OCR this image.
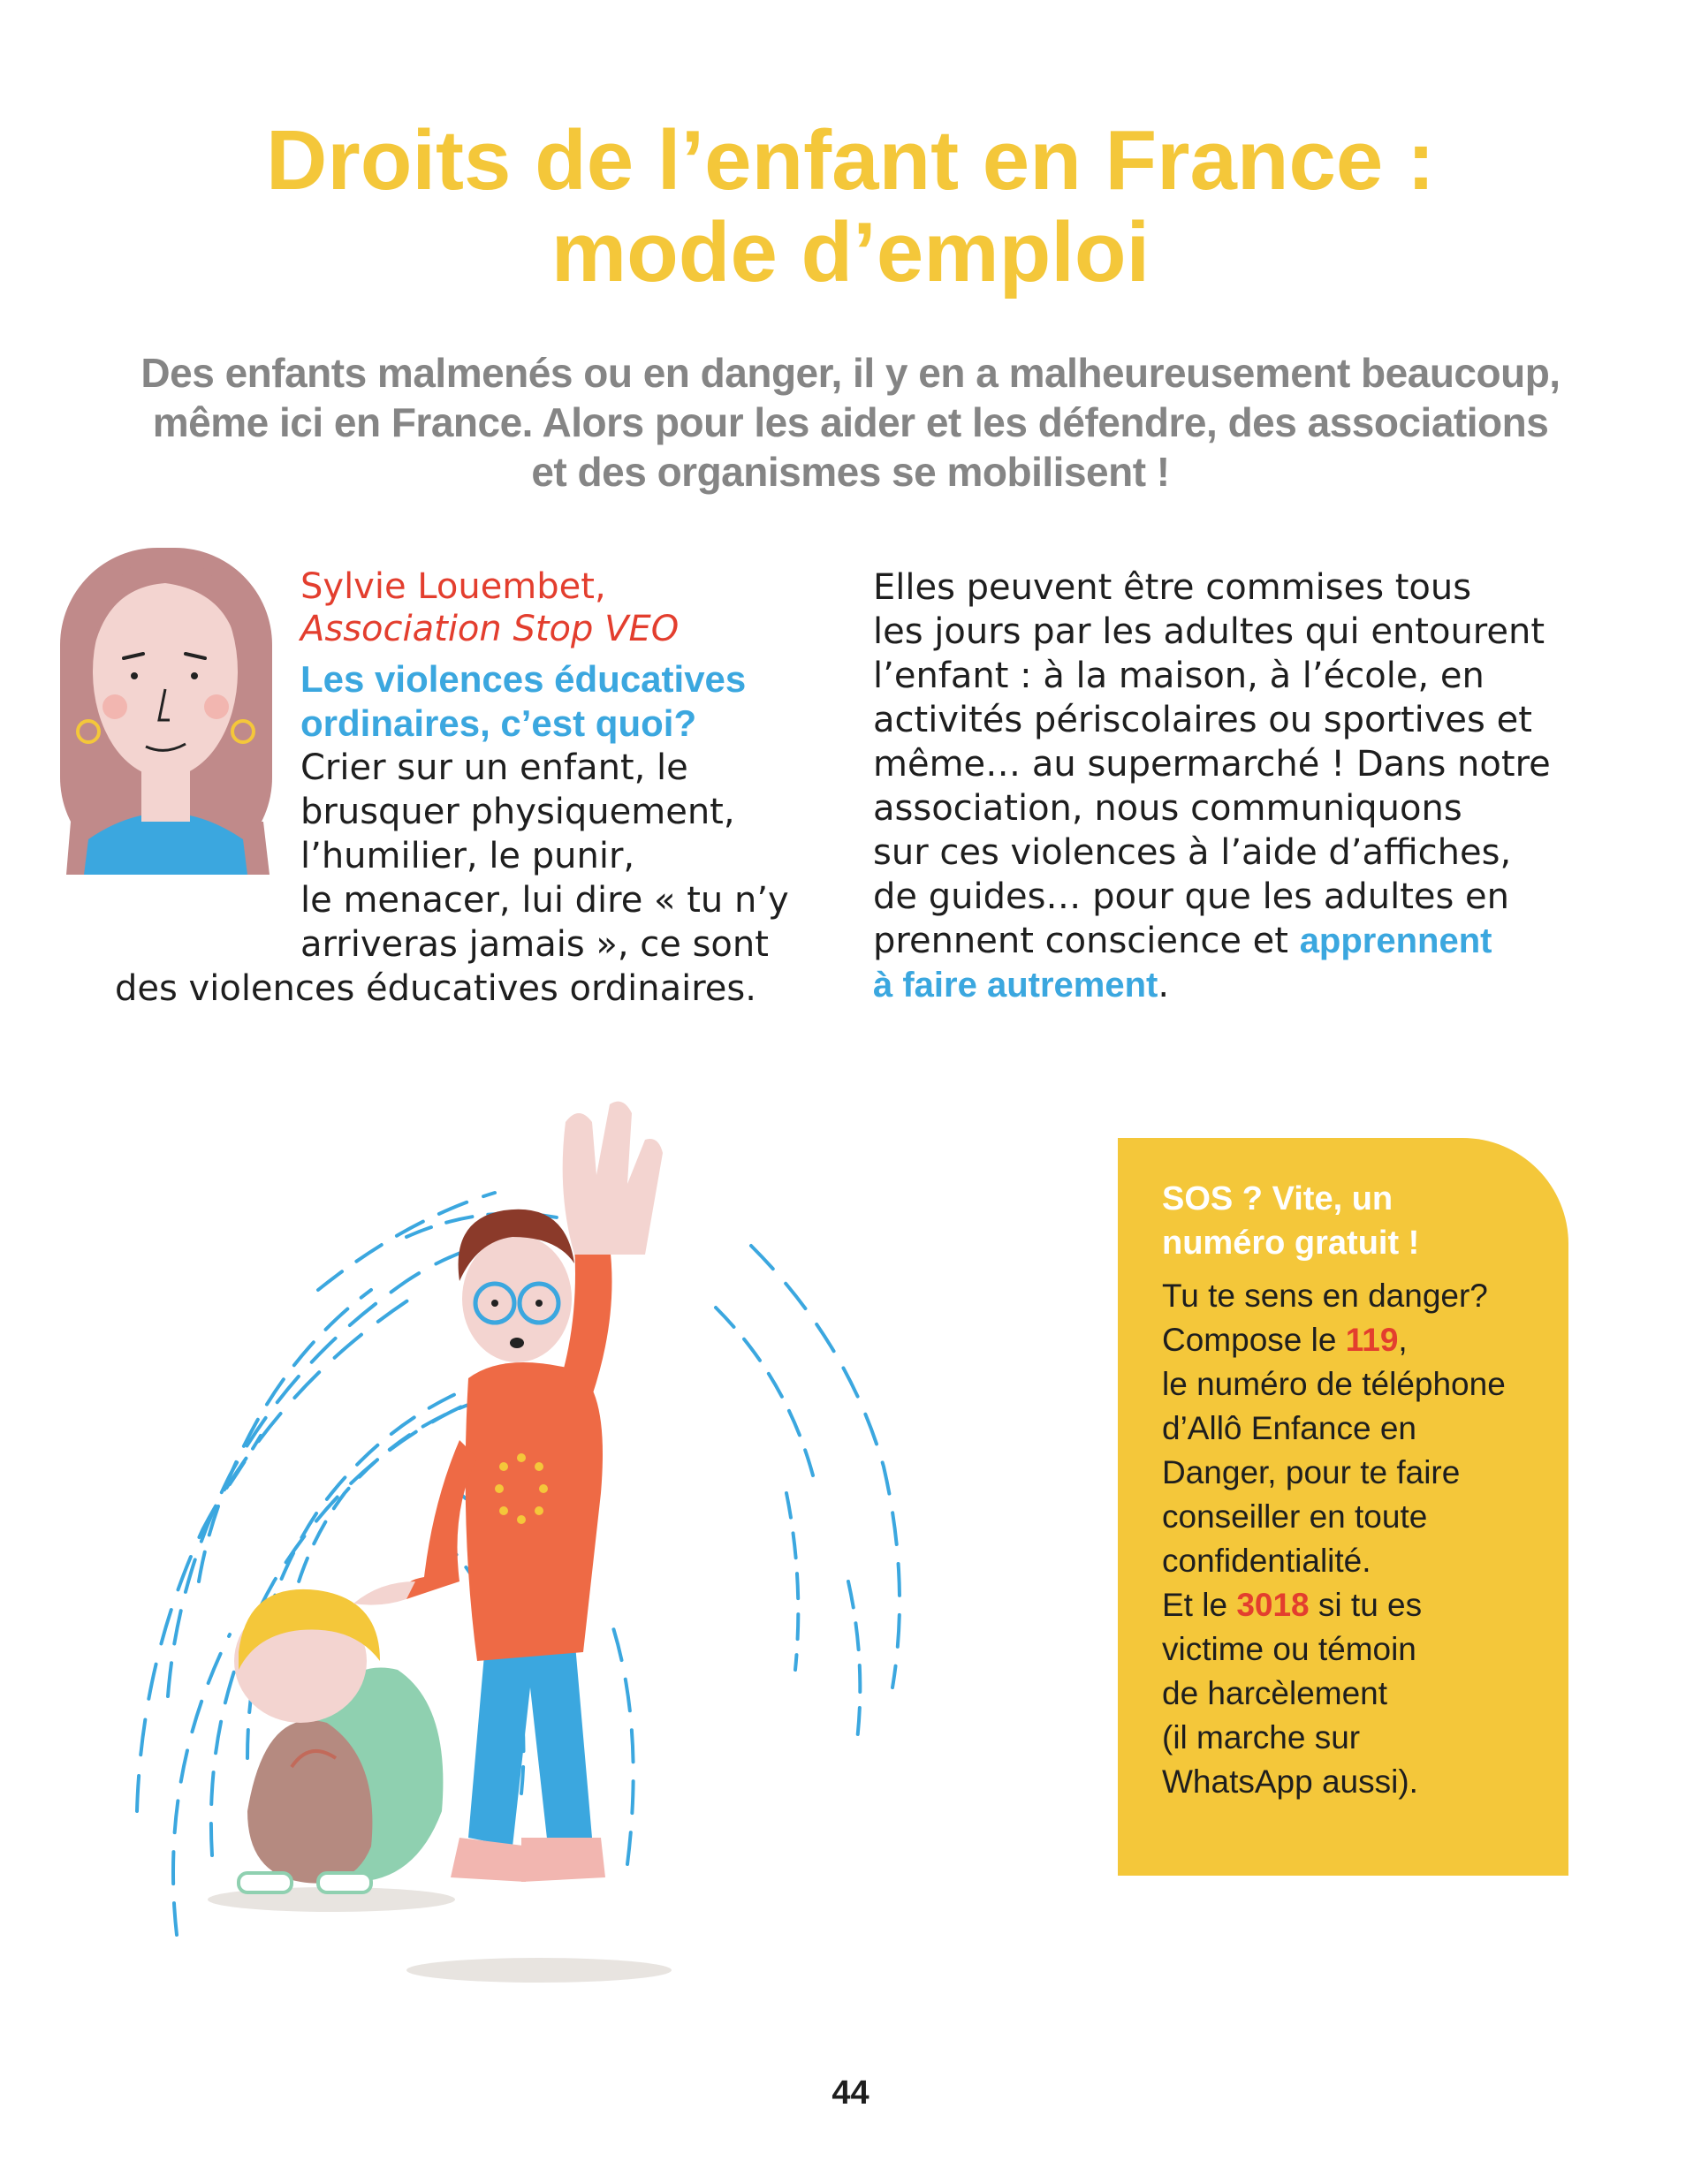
Droits de l’enfant en France :
mode d’emploi
Des enfants malmenés ou en danger, il y en a malheureusement beaucoup,
même ici en France. Alors pour les aider et les défendre, des associations
et des organismes se mobilisent !
Sylvie Louembet,
Association Stop VEO
Les violences éducatives
ordinaires, c’est quoi?
Crier sur un enfant, le
brusquer physiquement,
l’humilier, le punir,
le menacer, lui dire « tu n’y
arriveras jamais », ce sont
des violences éducatives ordinaires.
Elles peuvent être commises tous
les jours par les adultes qui entourent
l’enfant : à la maison, à l’école, en
activités périscolaires ou sportives et
même… au supermarché ! Dans notre
association, nous communiquons
sur ces violences à l’aide d’affiches,
de guides… pour que les adultes en
prennent conscience et apprennent
à faire autrement.
SOS ? Vite, un
numéro gratuit !
Tu te sens en danger?
Compose le 119,
le numéro de téléphone
d’Allô Enfance en
Danger, pour te faire
conseiller en toute
confidentialité.
Et le 3018 si tu es
victime ou témoin
de harcèlement
(il marche sur
WhatsApp aussi).
44
